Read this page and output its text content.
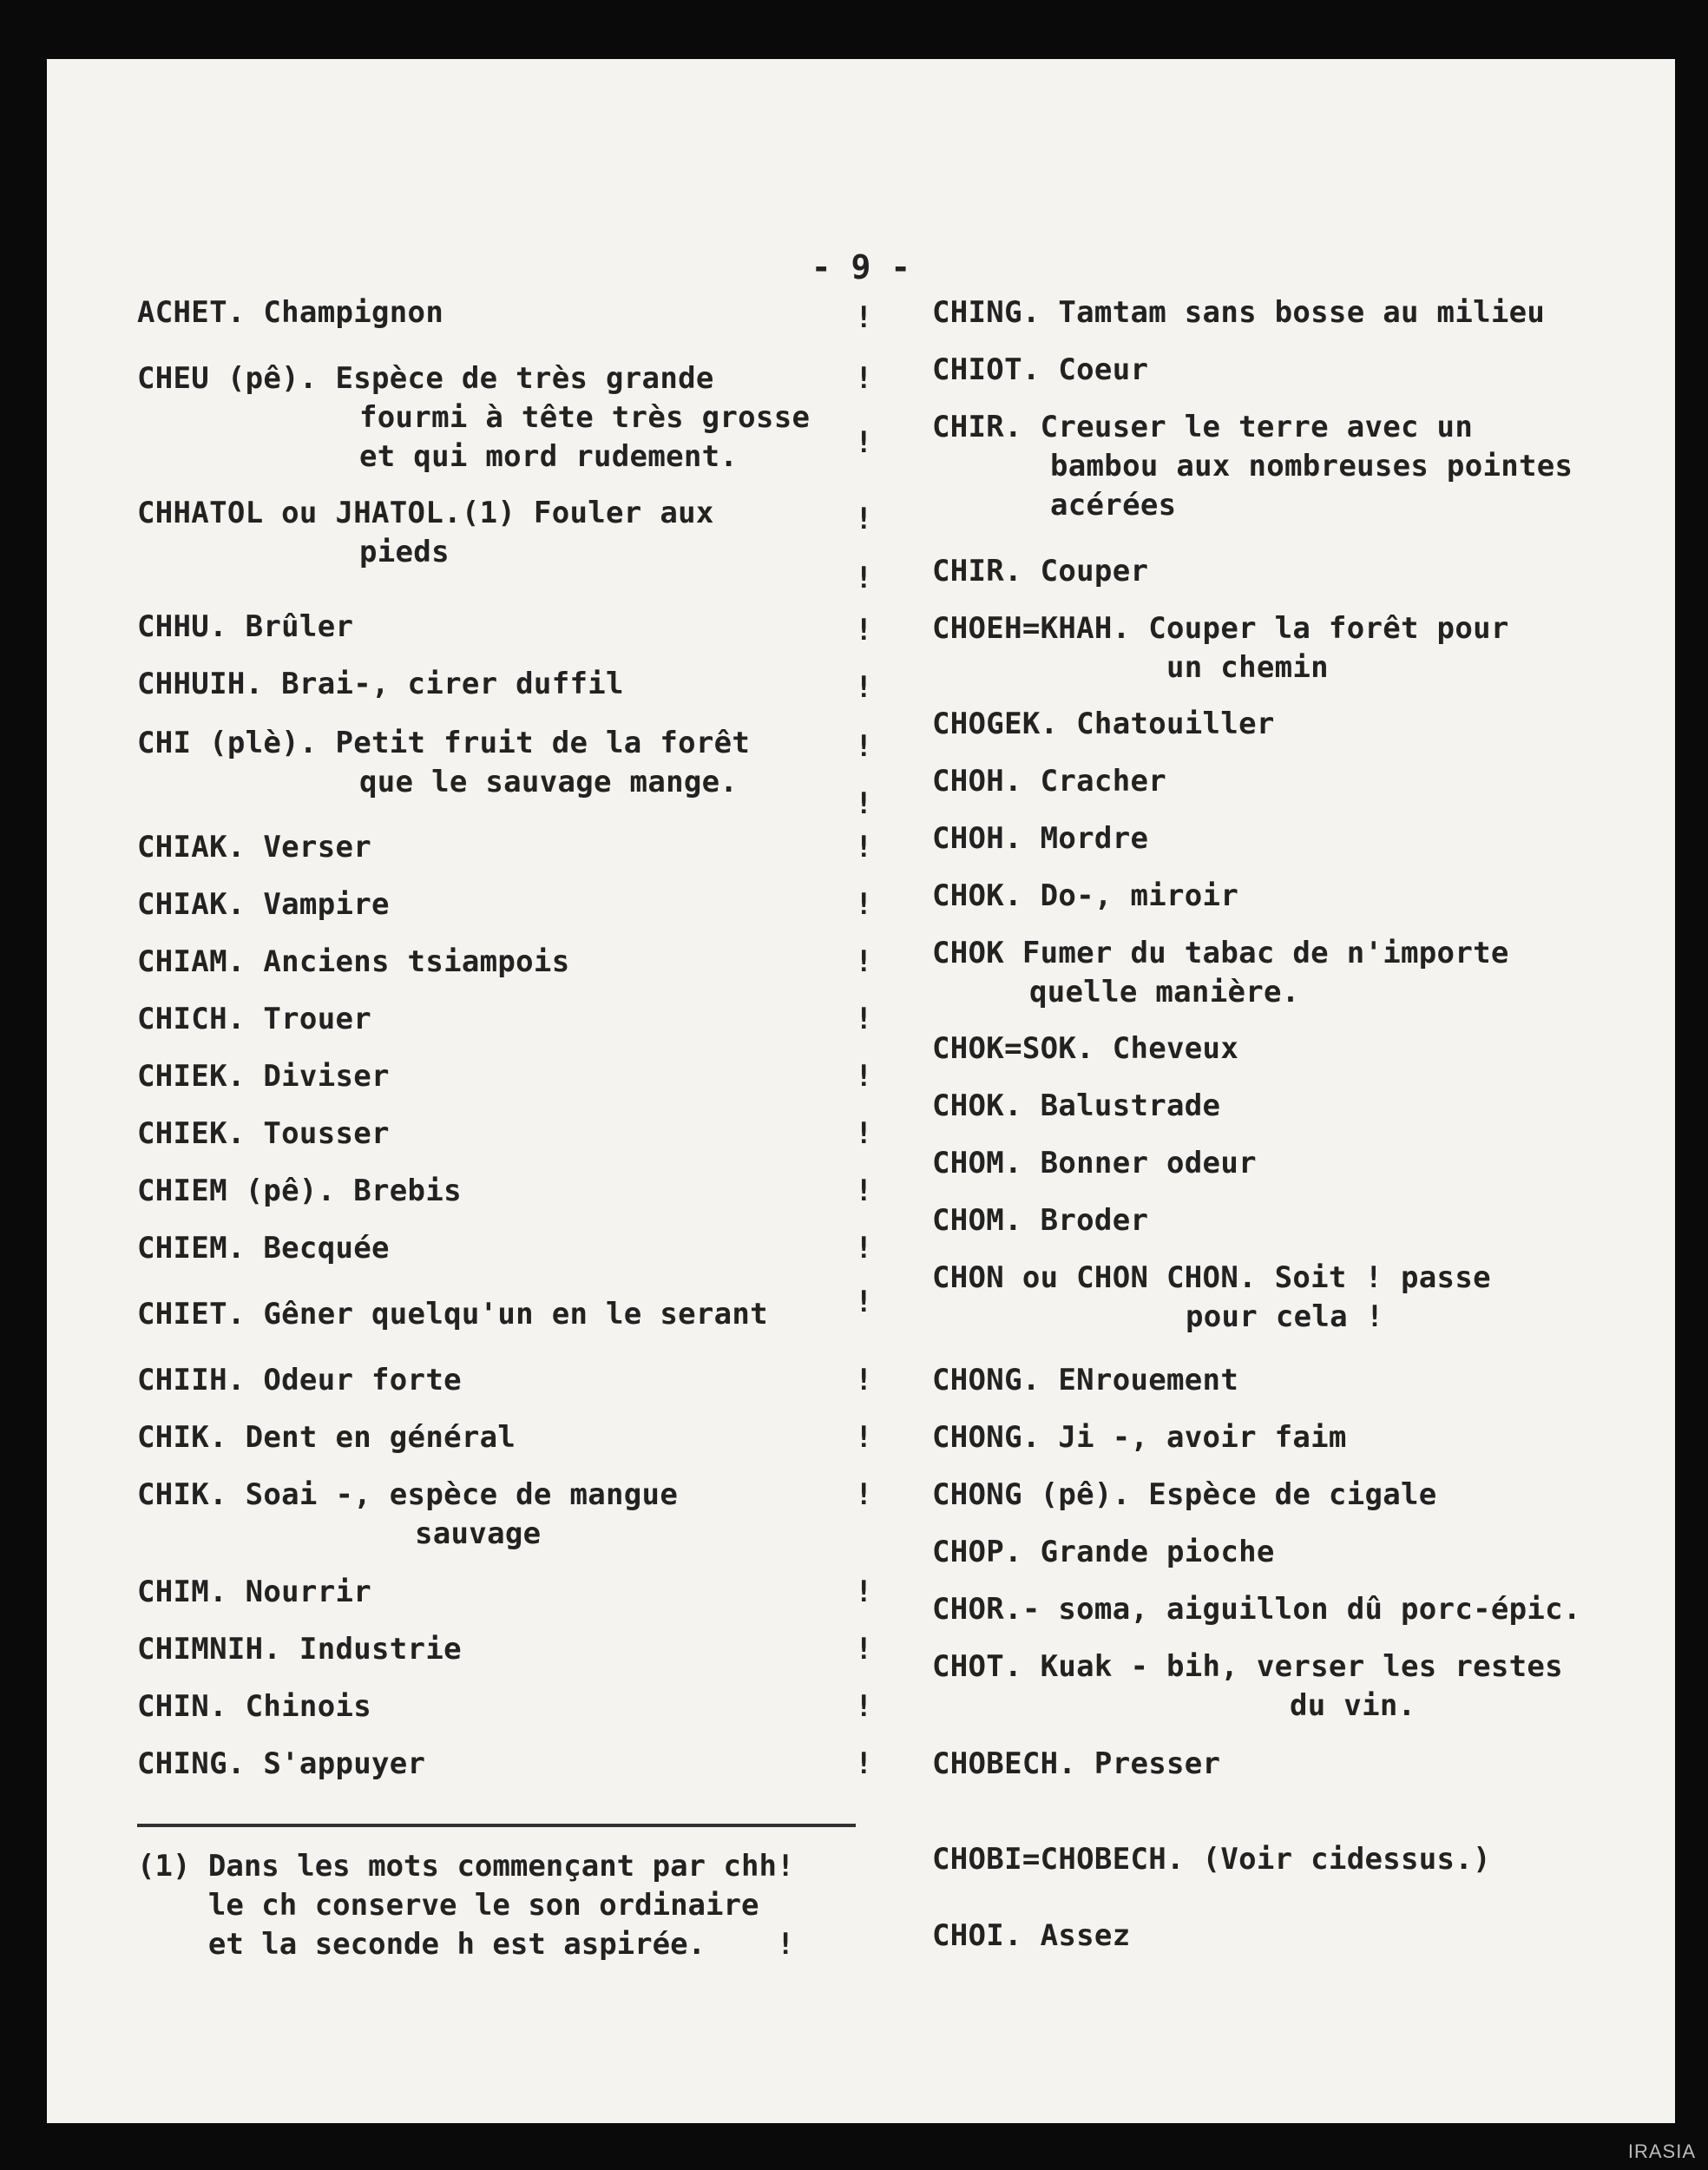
- 9 -
ACHET. Champignon
CHEU (pê). Espèce de très grande
fourmi à tête très grosse
et qui mord rudement.
CHHATOL ou JHATOL.(1) Fouler aux
pieds
CHHU. Brûler
CHHUIH. Brai-, cirer duffil
CHI (plè). Petit fruit de la forêt
que le sauvage mange.
CHIAK. Verser
CHIAK. Vampire
CHIAM. Anciens tsiampois
CHICH. Trouer
CHIEK. Diviser
CHIEK. Tousser
CHIEM (pê). Brebis
CHIEM. Becquée
CHIET. Gêner quelqu'un en le serant
CHIIH. Odeur forte
CHIK. Dent en général
CHIK. Soai -, espèce de mangue
sauvage
CHIM. Nourrir
CHIMNIH. Industrie
CHIN. Chinois
CHING. S'appuyer
CHING. Tamtam sans bosse au milieu
CHIOT. Coeur
CHIR. Creuser le terre avec un
bambou aux nombreuses pointes
acérées
CHIR. Couper
CHOEH=KHAH. Couper la forêt pour
un chemin
CHOGEK. Chatouiller
CHOH. Cracher
CHOH. Mordre
CHOK. Do-, miroir
CHOK Fumer du tabac de n'importe
quelle manière.
CHOK=SOK. Cheveux
CHOK. Balustrade
CHOM. Bonner odeur
CHOM. Broder
CHON ou CHON CHON. Soit ! passe
pour cela !
CHONG. ENrouement
CHONG. Ji -, avoir faim
CHONG (pê). Espèce de cigale
CHOP. Grande pioche
CHOR.- soma, aiguillon dû porc-épic.
CHOT. Kuak - bih, verser les restes
du vin.
CHOBECH. Presser
CHOBI=CHOBECH. (Voir cidessus.)
CHOI. Assez
!
!
!
!
!
!
!
!
!
!
!
!
!
!
!
!
!
!
!
!
!
!
!
!
!
(1) Dans les mots commençant par chh!
le ch conserve le son ordinaire
et la seconde h est aspirée.    !
IRASIA
